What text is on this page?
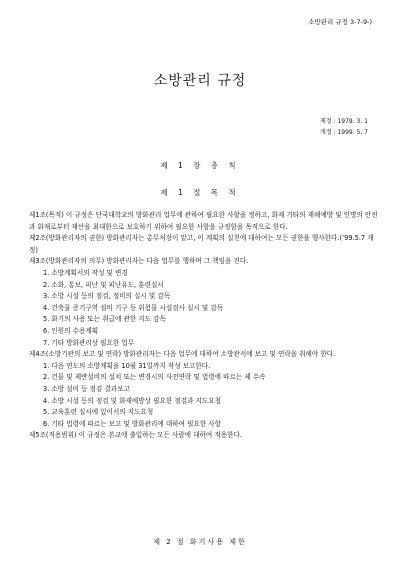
소방관리 규정 3-7-9-)
소방관리 규정
제정 : 1979. 3. 1
개정 : 1999. 5. 7
제 1 장 총 칙
제 1 절 목 적

제1조(목적) 이 규정은 단국대학교의 방화관리 업무에 관하여 필요한 사항을 정하고, 화재 기타의 재해예방 및 인명의 안전과 화재로부터 재산을 최대한으로 보호하기 위하여 필요한 사항을 규정함을 목적으로 한다.

제2조(방화관리자의 권한) 방화관리자는 총무처장이 맡고, 이 계획의 실천에 대하여는 모든 권한을 행사한다.(’99.5.7 개정)

제3조(방화관리자의 의무) 방화관리자는 다음 업무를 행하며 그 책임을 진다.

1. 소방계획서의 작성 및 변경

2. 소화, 통보, 피난 및 피난유도, 훈련실시

3. 소방 시설 등의 점검, 정비의 실시 및 감독

4. 건축물 증기구역 설비 기구 등 위험물 시설검사 실시 및 감독

5. 화기의 사용 또는 취급에 관한 지도 감독

6. 인원의 수용계획

7. 기타 방화관리상 필요한 업무

제4조(소방기관의 보고 및 연락) 방화관리자는 다음 업무에 대하여 소방관서에 보고 및 연락을 취해야 한다.

1. 다음 연도의 소방계획을 10월 31일까지 작성 보고한다.

2. 건물 및 제반설비의 설치 또는 변경시의 사전연락 및 법령에 따르는 제 수속

3. 소방 설비 등 점검 결과보고

4. 소방 시설 등의 점검 및 화재예방상 필요한 점검과 지도요청

5. 교육훈련 실시에 있어서의 지도요청

6. 기타 법령에 따르는 보고 및 방화관리에 대하여 필요한 사항

제5조(적용범위) 이 규정은 본교에 출입하는 모든 사람에 대하여 적용한다.

제 2 절 화기사용 제한
